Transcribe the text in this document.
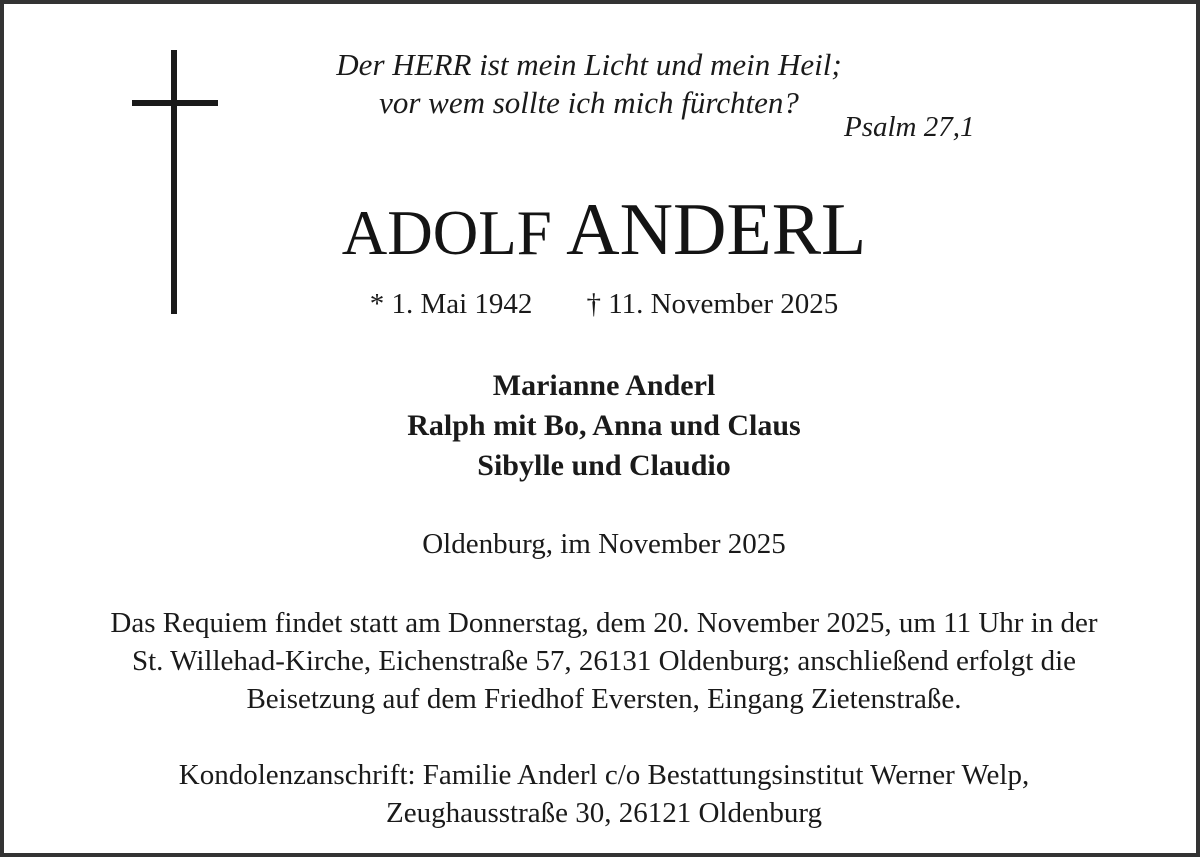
Der HERR ist mein Licht und mein Heil;
vor wem sollte ich mich fürchten?

Psalm 27,1

ADOLF ANDERL

* 1. Mai 1942 † 11. November 2025

Marianne Anderl
Ralph mit Bo, Anna und Claus
Sibylle und Claudio

Oldenburg, im November 2025

Das Requiem findet statt am Donnerstag, dem 20. November 2025, um 11 Uhr in der
St. Willehad-Kirche, Eichenstraße 57, 26131 Oldenburg; anschließend erfolgt die
Beisetzung auf dem Friedhof Eversten, Eingang Zietenstraße.

Kondolenzanschrift: Familie Anderl c/o Bestattungsinstitut Werner Welp,
Zeughausstraße 30, 26121 Oldenburg
